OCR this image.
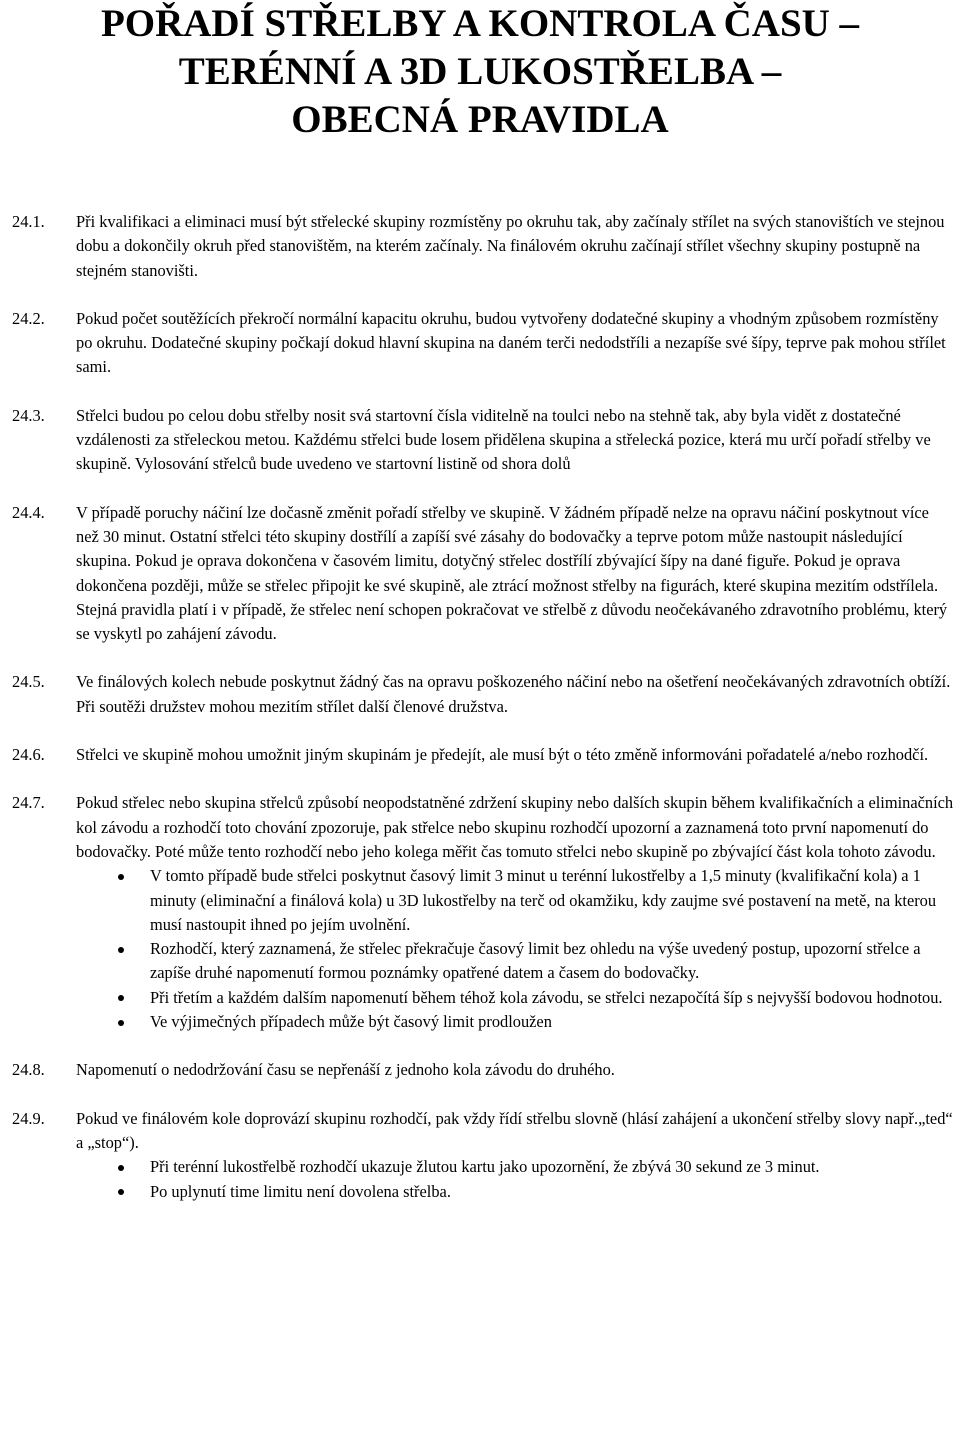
POŘADÍ STŘELBY A KONTROLA ČASU –
TERÉNNÍ A 3D LUKOSTŘELBA –
OBECNÁ PRAVIDLA
24.1. Při kvalifikaci a eliminaci musí být střelecké skupiny rozmístěny po okruhu tak, aby začínaly střílet na svých stanovištích ve stejnou dobu a dokončily okruh před stanovištěm, na kterém začínaly. Na finálovém okruhu začínají střílet všechny skupiny postupně na stejném stanovišti.

24.2. Pokud počet soutěžících překročí normální kapacitu okruhu, budou vytvořeny dodatečné skupiny a vhodným způsobem rozmístěny po okruhu. Dodatečné skupiny počkají dokud hlavní skupina na daném terči nedodstříli a nezapíše své šípy, teprve pak mohou střílet sami.

24.3. Střelci budou po celou dobu střelby nosit svá startovní čísla viditelně na toulci nebo na stehně tak, aby byla vidět z dostatečné vzdálenosti za střeleckou metou. Každému střelci bude losem přidělena skupina a střelecká pozice, která mu určí pořadí střelby ve skupině. Vylosování střelců bude uvedeno ve startovní listině od shora dolů

24.4. V případě poruchy náčiní lze dočasně změnit pořadí střelby ve skupině. V žádném případě nelze na opravu náčiní poskytnout více než 30 minut. Ostatní střelci této skupiny dostřílí a zapíší své zásahy do bodovačky a teprve potom může nastoupit následující skupina. Pokud je oprava dokončena v časovém limitu, dotyčný střelec dostřílí zbývající šípy na dané figuře. Pokud je oprava dokončena později, může se střelec připojit ke své skupině, ale ztrácí možnost střelby na figurách, které skupina mezitím odstřílela. Stejná pravidla platí i v případě, že střelec není schopen pokračovat ve střelbě z důvodu neočekávaného zdravotního problému, který se vyskytl po zahájení závodu.

24.5. Ve finálových kolech nebude poskytnut žádný čas na opravu poškozeného náčiní nebo na ošetření neočekávaných zdravotních obtíží.

Při soutěži družstev mohou mezitím střílet další členové družstva.

24.6. Střelci ve skupině mohou umožnit jiným skupinám je předejít, ale musí být o této změně informováni pořadatelé a/nebo rozhodčí.

24.7. Pokud střelec nebo skupina střelců způsobí neopodstatněné zdržení skupiny nebo dalších skupin během kvalifikačních a eliminačních kol závodu a rozhodčí toto chování zpozoruje, pak střelce nebo skupinu rozhodčí upozorní a zaznamená toto první napomenutí do bodovačky. Poté může tento rozhodčí nebo jeho kolega měřit čas tomuto střelci nebo skupině po zbývající část kola tohoto závodu.

V tomto případě bude střelci poskytnut časový limit 3 minut u terénní lukostřelby a 1,5 minuty (kvalifikační kola) a 1 minuty (eliminační a finálová kola) u 3D lukostřelby na terč od okamžiku, kdy zaujme své postavení na metě, na kterou musí nastoupit ihned po jejím uvolnění.
Rozhodčí, který zaznamená, že střelec překračuje časový limit bez ohledu na výše uvedený postup, upozorní střelce a zapíše druhé napomenutí formou poznámky opatřené datem a časem do bodovačky.
Při třetím a každém dalším napomenutí během téhož kola závodu, se střelci nezapočítá šíp s nejvyšší bodovou hodnotou.
Ve výjimečných případech může být časový limit prodloužen
24.8. Napomenutí o nedodržování času se nepřenáší z jednoho kola závodu do druhého.

24.9. Pokud ve finálovém kole doprovází skupinu rozhodčí, pak vždy řídí střelbu slovně (hlásí zahájení a ukončení střelby slovy např.„ted“ a „stop“).

Při terénní lukostřelbě rozhodčí ukazuje žlutou kartu jako upozornění, že zbývá 30 sekund ze 3 minut.
Po uplynutí time limitu není dovolena střelba.
